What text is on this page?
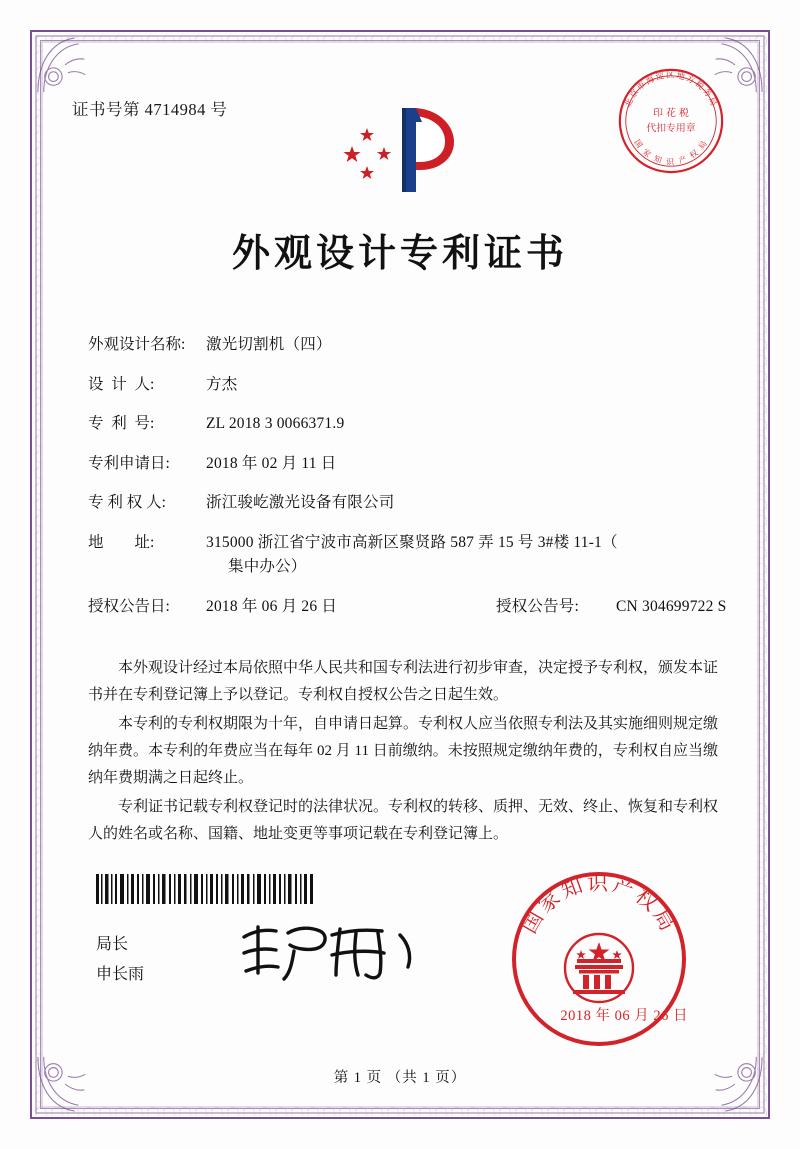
证书号第 4714984 号	北京市海淀区地方税务局
国 家 知 识 产 权 局
印 花 税
代扣专用章
外观设计专利证书
外观设计名称:	激光切割机（四）
设  计  人:	方杰
专  利  号:	ZL 2018 3 0066371.9
专利申请日:	2018 年 02 月 11 日
专 利 权 人:	浙江骏屹激光设备有限公司
地        址:	315000 浙江省宁波市高新区聚贤路 587 弄 15 号 3#楼 11-1（
集中办公）
授权公告日:	2018 年 06 月 26 日	授权公告号:	CN 304699722 S

本外观设计经过本局依照中华人民共和国专利法进行初步审查，决定授予专利权，颁发本证书并在专利登记簿上予以登记。专利权自授权公告之日起生效。

本专利的专利权期限为十年，自申请日起算。专利权人应当依照专利法及其实施细则规定缴纳年费。本专利的年费应当在每年 02 月 11 日前缴纳。未按照规定缴纳年费的，专利权自应当缴纳年费期满之日起终止。

专利证书记载专利权登记时的法律状况。专利权的转移、质押、无效、终止、恢复和专利权人的姓名或名称、国籍、地址变更等事项记载在专利登记簿上。

局长
申长雨
国家知识产权局

2018 年 06 月 26 日
第 1 页 （共 1 页）
